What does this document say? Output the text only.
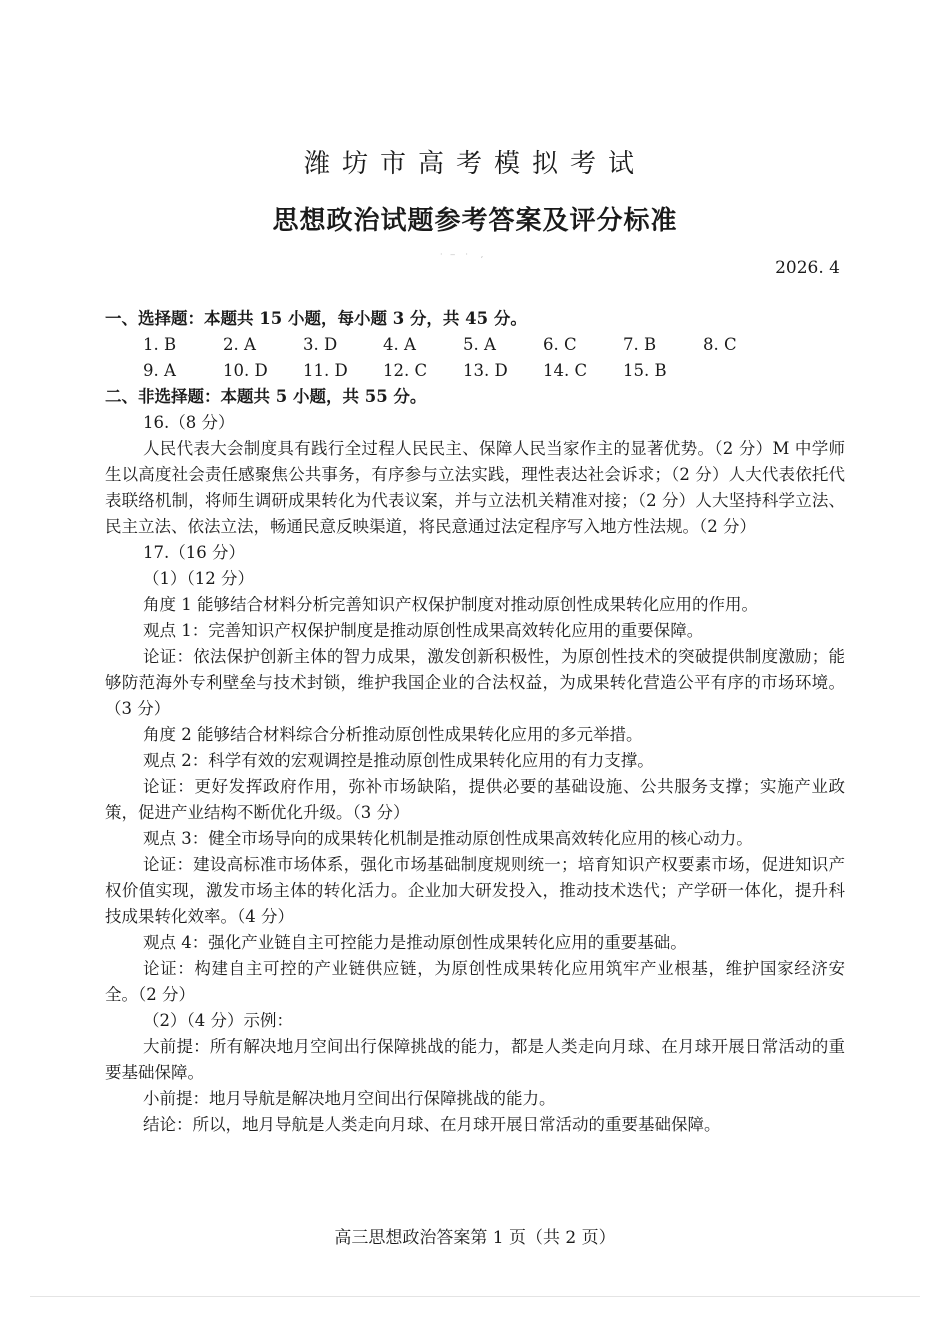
潍坊市高考模拟考试
思想政治试题参考答案及评分标准
·   ‒    ·     ,
2026. 4

一、选择题：本题共 15 小题，每小题 3 分，共 45 分。

1. B	2. A	3. D	4. A	5. A	6. C	7. B	8. C
9. A	10. D	11. D	12. C	13. D	14. C	15. B

二、非选择题：本题共 5 小题，共 55 分。

16.（8 分）

人民代表大会制度具有践行全过程人民民主、保障人民当家作主的显著优势。（2 分）M 中学师生以高度社会责任感聚焦公共事务，有序参与立法实践，理性表达社会诉求；（2 分）人大代表依托代表联络机制，将师生调研成果转化为代表议案，并与立法机关精准对接；（2 分）人大坚持科学立法、民主立法、依法立法，畅通民意反映渠道，将民意通过法定程序写入地方性法规。（2 分）

17.（16 分）

（1）（12 分）

角度 1 能够结合材料分析完善知识产权保护制度对推动原创性成果转化应用的作用。

观点 1：完善知识产权保护制度是推动原创性成果高效转化应用的重要保障。

论证：依法保护创新主体的智力成果，激发创新积极性，为原创性技术的突破提供制度激励；能够防范海外专利壁垒与技术封锁，维护我国企业的合法权益，为成果转化营造公平有序的市场环境。（3 分）

角度 2 能够结合材料综合分析推动原创性成果转化应用的多元举措。

观点 2：科学有效的宏观调控是推动原创性成果转化应用的有力支撑。

论证：更好发挥政府作用，弥补市场缺陷，提供必要的基础设施、公共服务支撑；实施产业政策，促进产业结构不断优化升级。（3 分）

观点 3：健全市场导向的成果转化机制是推动原创性成果高效转化应用的核心动力。

论证：建设高标准市场体系，强化市场基础制度规则统一；培育知识产权要素市场，促进知识产权价值实现，激发市场主体的转化活力。企业加大研发投入，推动技术迭代；产学研一体化，提升科技成果转化效率。（4 分）

观点 4：强化产业链自主可控能力是推动原创性成果转化应用的重要基础。

论证：构建自主可控的产业链供应链，为原创性成果转化应用筑牢产业根基，维护国家经济安全。（2 分）

（2）（4 分）示例：

大前提：所有解决地月空间出行保障挑战的能力，都是人类走向月球、在月球开展日常活动的重要基础保障。

小前提：地月导航是解决地月空间出行保障挑战的能力。

结论：所以，地月导航是人类走向月球、在月球开展日常活动的重要基础保障。

高三思想政治答案第 1 页（共 2 页）
